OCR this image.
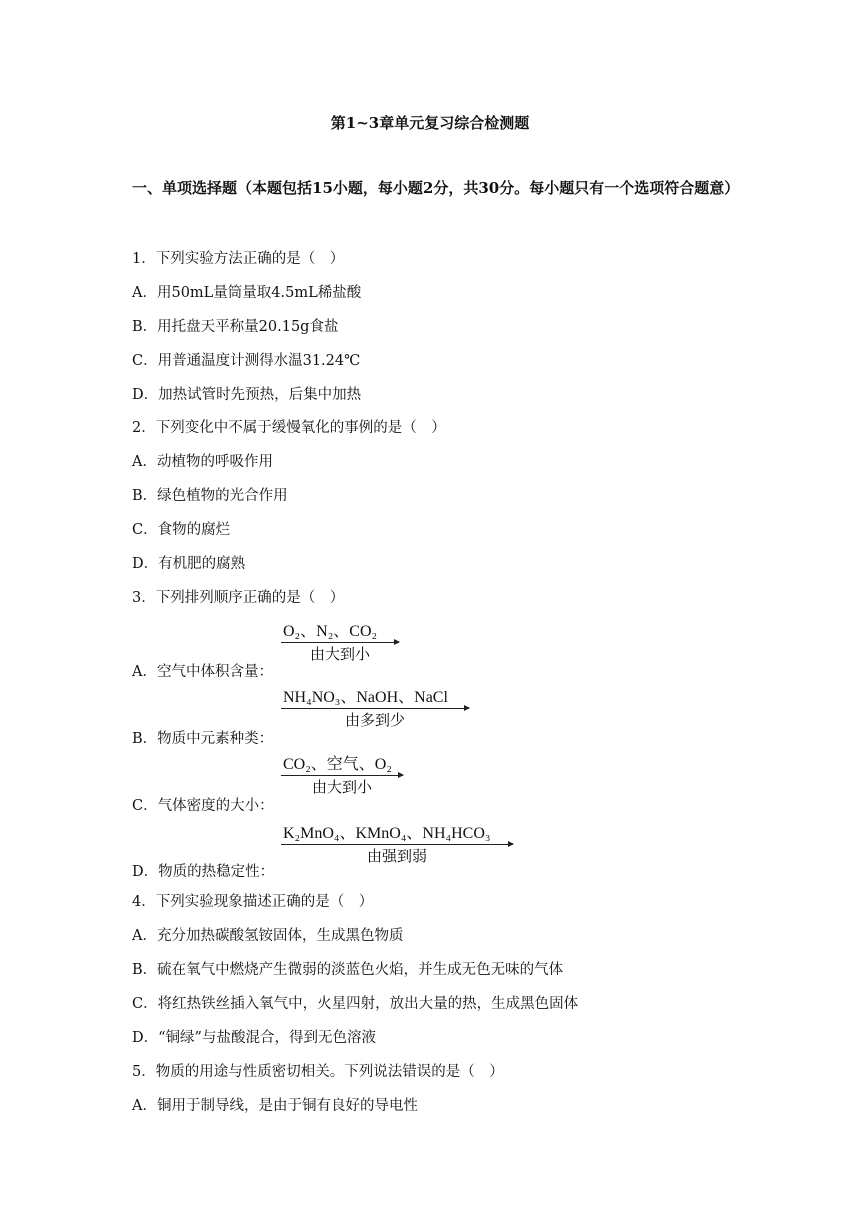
第1~3章单元复习综合检测题
一、单项选择题（本题包括15小题，每小题2分，共30分。每小题只有一个选项符合题意）
1．下列实验方法正确的是（　）
A．用50mL量筒量取4.5mL稀盐酸
B．用托盘天平称量20.15g食盐
C．用普通温度计测得水温31.24℃
D．加热试管时先预热，后集中加热
2．下列变化中不属于缓慢氧化的事例的是（　）
A．动植物的呼吸作用
B．绿色植物的光合作用
C．食物的腐烂
D．有机肥的腐熟
3．下列排列顺序正确的是（　）
A．空气中体积含量：
O₂、N₂、CO₂
由大到小
B．物质中元素种类：
NH₄NO₃、NaOH、NaCl
由多到少
C．气体密度的大小：
CO₂、空气、O₂
由大到小
D．物质的热稳定性：
K₂MnO₄、KMnO₄、NH₄HCO₃
由强到弱
4．下列实验现象描述正确的是（　）
A．充分加热碳酸氢铵固体，生成黑色物质
B．硫在氧气中燃烧产生微弱的淡蓝色火焰，并生成无色无味的气体
C．将红热铁丝插入氧气中，火星四射，放出大量的热，生成黑色固体
D．“铜绿”与盐酸混合，得到无色溶液
5．物质的用途与性质密切相关。下列说法错误的是（　）
A．铜用于制导线，是由于铜有良好的导电性
